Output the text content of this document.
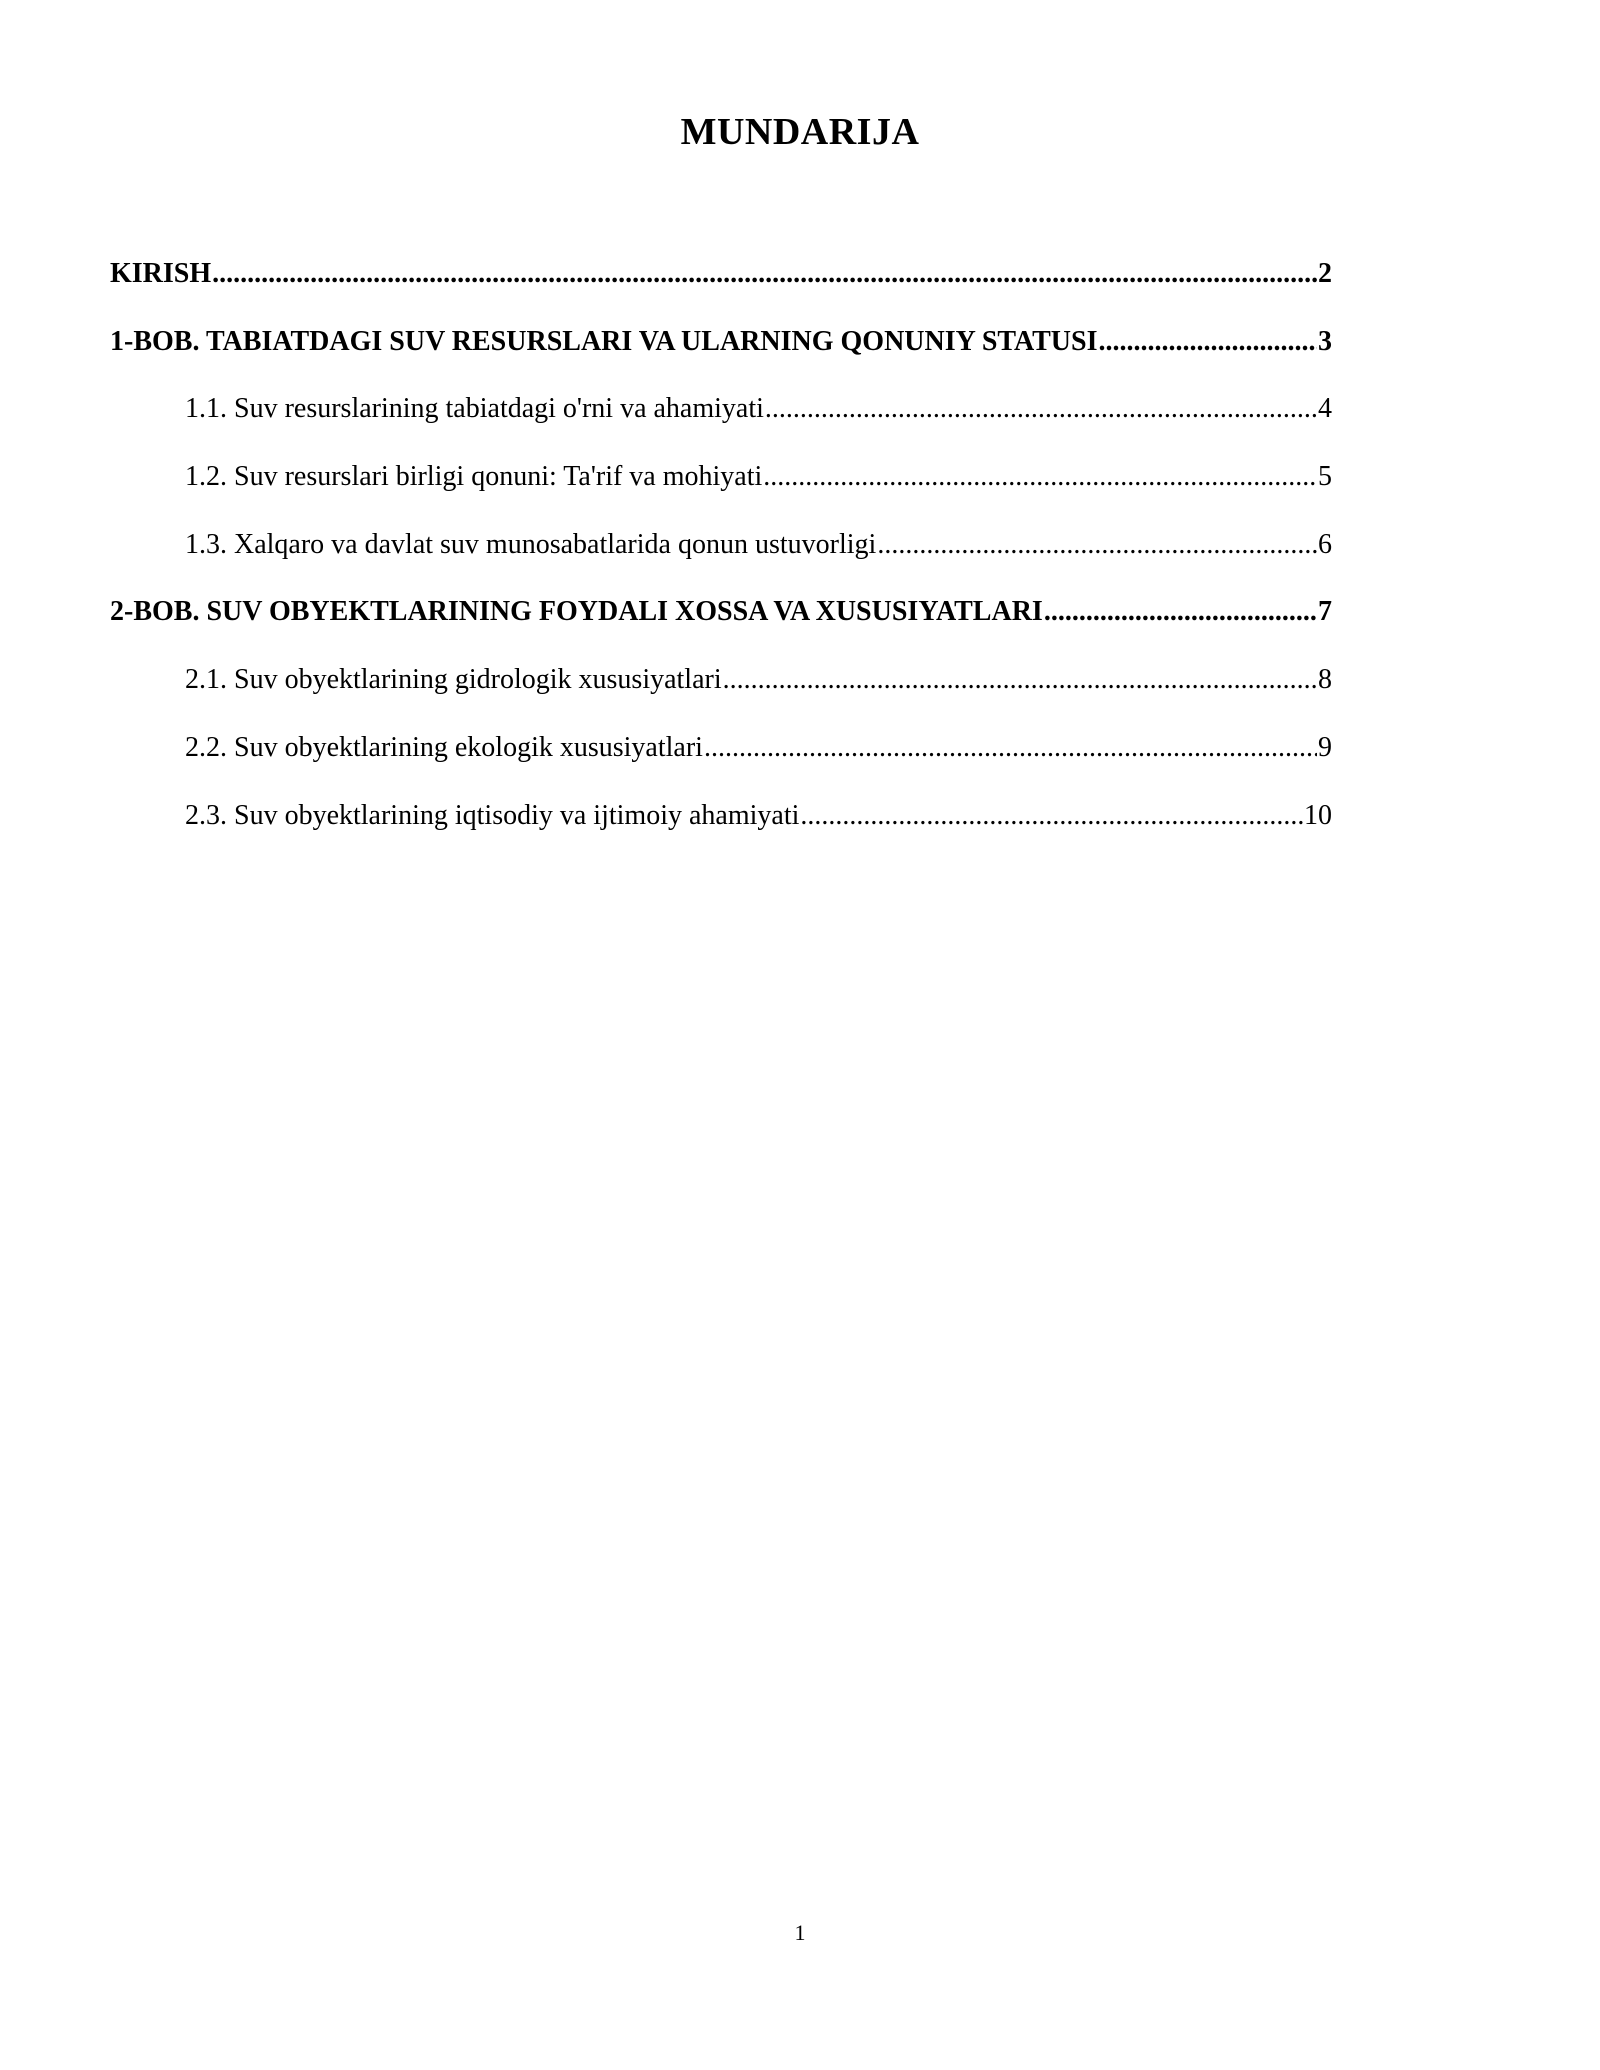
MUNDARIJA
KIRISH .....	2
1-BOB. TABIATDAGI SUV RESURSLARI VA ULARNING QONUNIY STATUSI .....	3
1.1. Suv resurslarining tabiatdagi o'rni va ahamiyati .....	4
1.2. Suv resurslari birligi qonuni: Ta'rif va mohiyati .....	5
1.3. Xalqaro va davlat suv munosabatlarida qonun ustuvorligi .....	6
2-BOB. SUV OBYEKTLARINING FOYDALI XOSSA VA XUSUSIYATLARI .....	7
2.1. Suv obyektlarining gidrologik xususiyatlari .....	8
2.2. Suv obyektlarining ekologik xususiyatlari .....	9
2.3. Suv obyektlarining iqtisodiy va ijtimoiy ahamiyati .....	10
1
